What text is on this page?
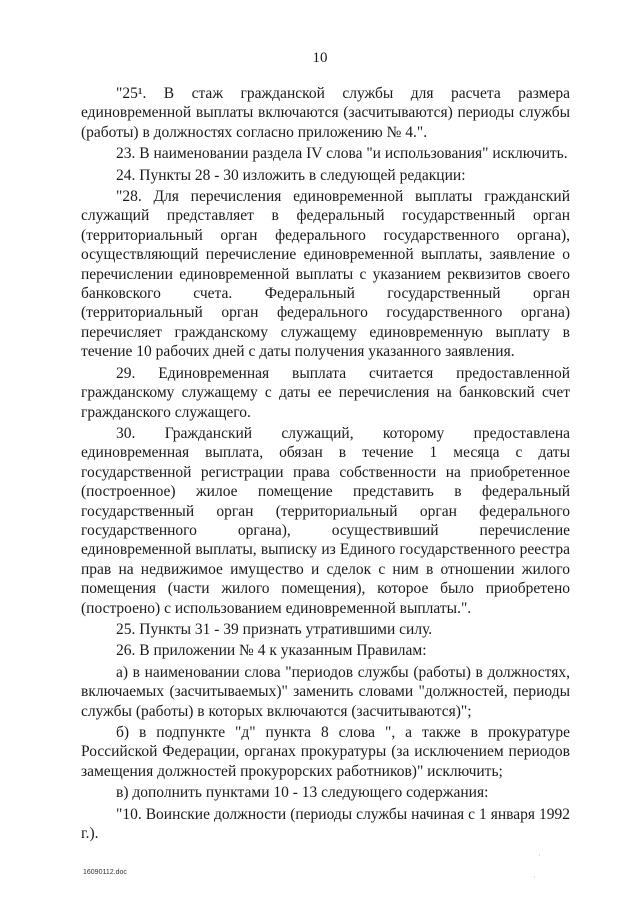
10

"25¹. В стаж гражданской службы для расчета размера единовременной выплаты включаются (засчитываются) периоды службы (работы) в должностях согласно приложению № 4.".

23. В наименовании раздела IV слова "и использования" исключить.

24. Пункты 28 - 30 изложить в следующей редакции:

"28. Для перечисления единовременной выплаты гражданский служащий представляет в федеральный государственный орган (территориальный орган федерального государственного органа), осуществляющий перечисление единовременной выплаты, заявление о перечислении единовременной выплаты с указанием реквизитов своего банковского счета. Федеральный государственный орган (территориальный орган федерального государственного органа) перечисляет гражданскому служащему единовременную выплату в течение 10 рабочих дней с даты получения указанного заявления.

29. Единовременная выплата считается предоставленной гражданскому служащему с даты ее перечисления на банковский счет гражданского служащего.

30. Гражданский служащий, которому предоставлена единовременная выплата, обязан в течение 1 месяца с даты государственной регистрации права собственности на приобретенное (построенное) жилое помещение представить в федеральный государственный орган (территориальный орган федерального государственного органа), осуществивший перечисление единовременной выплаты, выписку из Единого государственного реестра прав на недвижимое имущество и сделок с ним в отношении жилого помещения (части жилого помещения), которое было приобретено (построено) с использованием единовременной выплаты.".

25. Пункты 31 - 39 признать утратившими силу.

26. В приложении № 4 к указанным Правилам:

а) в наименовании слова "периодов службы (работы) в должностях, включаемых (засчитываемых)" заменить словами "должностей, периоды службы (работы) в которых включаются (засчитываются)";

б) в подпункте "д" пункта 8 слова ", а также в прокуратуре Российской Федерации, органах прокуратуры (за исключением периодов замещения должностей прокурорских работников)" исключить;

в) дополнить пунктами 10 - 13 следующего содержания:

"10. Воинские должности (периоды службы начиная с 1 января 1992 г.).

16090112.doc
·
·
